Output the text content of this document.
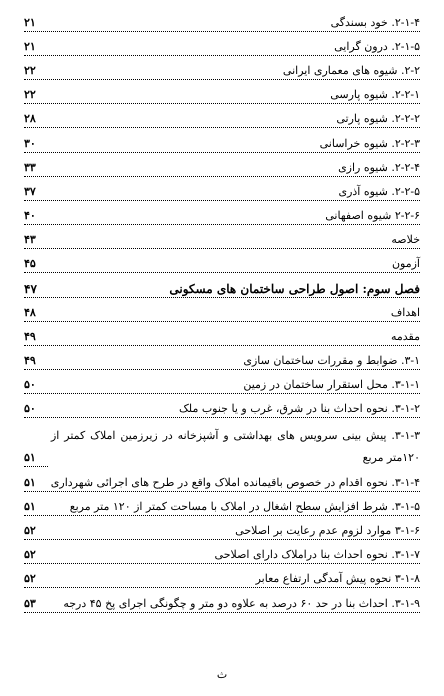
۲-۱-۴. خود بسندگی
۲۱
۲-۱-۵. درون گرایی
۲۱
۲-۲. شیوه های معماری ایرانی
۲۲
۲-۲-۱. شیوه پارسی
۲۲
۲-۲-۲. شیوه پارتی
۲۸
۲-۲-۳. شیوه خراسانی
۳۰
۲-۲-۴. شیوه رازی
۳۳
۲-۲-۵. شیوه آذری
۳۷
۲-۲-۶ شیوه اصفهانی
۴۰
خلاصه
۴۳
آزمون
۴۵
فصل سوم: اصول طراحی ساختمان های مسکونی
۴۷
اهداف
۴۸
مقدمه
۴۹
۳-۱. ضوابط و مقررات ساختمان سازی
۴۹
۳-۱-۱. محل استقرار ساختمان در زمین
۵۰
۳-۱-۲. نحوه احداث بنا در شرق، غرب و یا جنوب ملک
۵۰
۳-۱-۳. پیش بینی سرویس های بهداشتی و آشپزخانه در زیرزمین املاک کمتر از ۱۲۰متر مربع
۵۱
۳-۱-۴. نحوه اقدام در خصوص باقیمانده املاک واقع در طرح های اجرائی شهرداری
۵۱
۳-۱-۵. شرط افزایش سطح اشغال در املاک با مساحت کمتر از ۱۲۰ متر مربع
۵۱
۳-۱-۶ موارد لزوم عدم رعایت بر اصلاحی
۵۲
۳-۱-۷. نحوه احداث بنا دراملاک دارای اصلاحی
۵۲
۳-۱-۸ نحوه پیش آمدگی ارتفاع معابر
۵۲
۳-۱-۹. احداث بنا در حد ۶۰ درصد به علاوه دو متر و چگونگی اجرای پخ ۴۵ درجه
۵۳
ث
